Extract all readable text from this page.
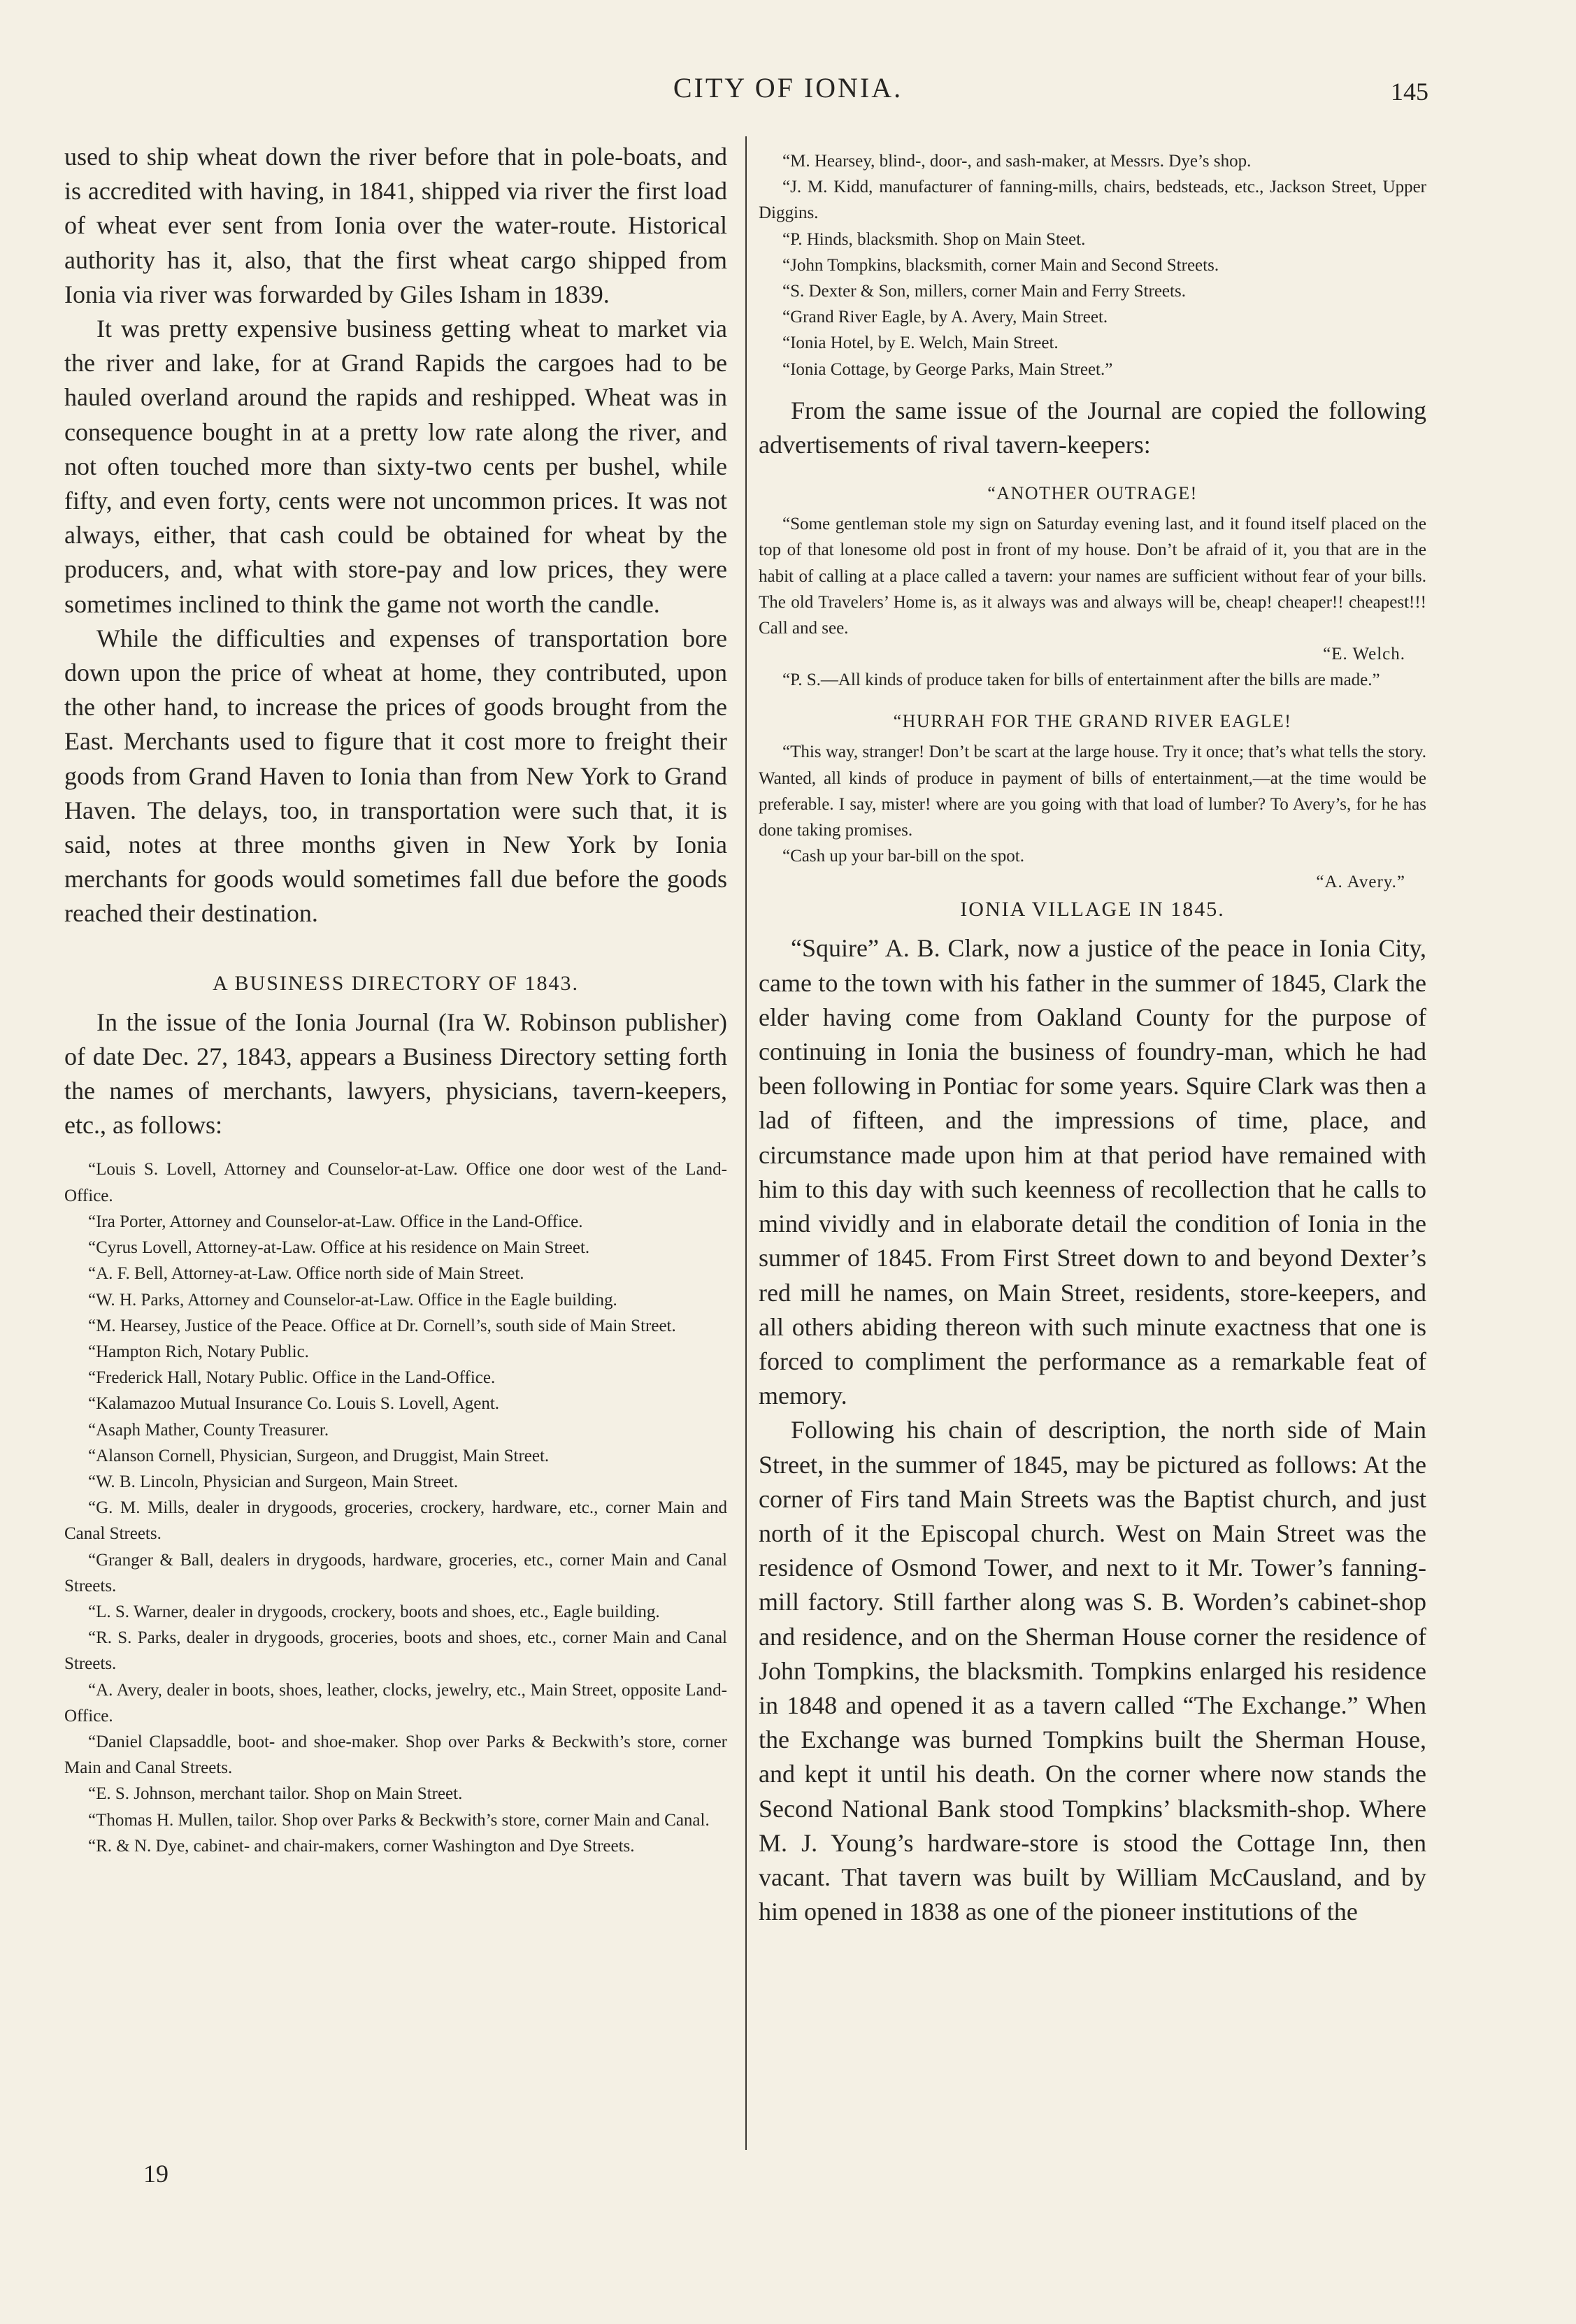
CITY OF IONIA.	145

used to ship wheat down the river before that in pole-boats, and is accredited with having, in 1841, shipped via river the first load of wheat ever sent from Ionia over the water-route. Historical authority has it, also, that the first wheat cargo shipped from Ionia via river was forwarded by Giles Isham in 1839.

It was pretty expensive business getting wheat to market via the river and lake, for at Grand Rapids the cargoes had to be hauled overland around the rapids and reshipped. Wheat was in consequence bought in at a pretty low rate along the river, and not often touched more than sixty-two cents per bushel, while fifty, and even forty, cents were not uncommon prices. It was not always, either, that cash could be obtained for wheat by the producers, and, what with store-pay and low prices, they were sometimes inclined to think the game not worth the candle.

While the difficulties and expenses of transportation bore down upon the price of wheat at home, they contributed, upon the other hand, to increase the prices of goods brought from the East. Merchants used to figure that it cost more to freight their goods from Grand Haven to Ionia than from New York to Grand Haven. The delays, too, in transportation were such that, it is said, notes at three months given in New York by Ionia merchants for goods would sometimes fall due before the goods reached their destination.

A BUSINESS DIRECTORY OF 1843.

In the issue of the Ionia Journal (Ira W. Robinson publisher) of date Dec. 27, 1843, appears a Business Directory setting forth the names of merchants, lawyers, physicians, tavern-keepers, etc., as follows:

“Louis S. Lovell, Attorney and Counselor-at-Law. Office one door west of the Land-Office.

“Ira Porter, Attorney and Counselor-at-Law. Office in the Land-Office.

“Cyrus Lovell, Attorney-at-Law. Office at his residence on Main Street.

“A. F. Bell, Attorney-at-Law. Office north side of Main Street.

“W. H. Parks, Attorney and Counselor-at-Law. Office in the Eagle building.

“M. Hearsey, Justice of the Peace. Office at Dr. Cornell’s, south side of Main Street.

“Hampton Rich, Notary Public.

“Frederick Hall, Notary Public. Office in the Land-Office.

“Kalamazoo Mutual Insurance Co. Louis S. Lovell, Agent.

“Asaph Mather, County Treasurer.

“Alanson Cornell, Physician, Surgeon, and Druggist, Main Street.

“W. B. Lincoln, Physician and Surgeon, Main Street.

“G. M. Mills, dealer in drygoods, groceries, crockery, hardware, etc., corner Main and Canal Streets.

“Granger & Ball, dealers in drygoods, hardware, groceries, etc., corner Main and Canal Streets.

“L. S. Warner, dealer in drygoods, crockery, boots and shoes, etc., Eagle building.

“R. S. Parks, dealer in drygoods, groceries, boots and shoes, etc., corner Main and Canal Streets.

“A. Avery, dealer in boots, shoes, leather, clocks, jewelry, etc., Main Street, opposite Land-Office.

“Daniel Clapsaddle, boot- and shoe-maker. Shop over Parks & Beckwith’s store, corner Main and Canal Streets.

“E. S. Johnson, merchant tailor. Shop on Main Street.

“Thomas H. Mullen, tailor. Shop over Parks & Beckwith’s store, corner Main and Canal.

“R. & N. Dye, cabinet- and chair-makers, corner Washington and Dye Streets.

19

“M. Hearsey, blind-, door-, and sash-maker, at Messrs. Dye’s shop.

“J. M. Kidd, manufacturer of fanning-mills, chairs, bedsteads, etc., Jackson Street, Upper Diggins.

“P. Hinds, blacksmith. Shop on Main Steet.

“John Tompkins, blacksmith, corner Main and Second Streets.

“S. Dexter & Son, millers, corner Main and Ferry Streets.

“Grand River Eagle, by A. Avery, Main Street.

“Ionia Hotel, by E. Welch, Main Street.

“Ionia Cottage, by George Parks, Main Street.”

From the same issue of the Journal are copied the following advertisements of rival tavern-keepers:

“ANOTHER OUTRAGE!

“Some gentleman stole my sign on Saturday evening last, and it found itself placed on the top of that lonesome old post in front of my house. Don’t be afraid of it, you that are in the habit of calling at a place called a tavern: your names are sufficient without fear of your bills. The old Travelers’ Home is, as it always was and always will be, cheap! cheaper!! cheapest!!! Call and see.

“E. Welch.

“P. S.—All kinds of produce taken for bills of entertainment after the bills are made.”

“HURRAH FOR THE GRAND RIVER EAGLE!

“This way, stranger! Don’t be scart at the large house. Try it once; that’s what tells the story. Wanted, all kinds of produce in payment of bills of entertainment,—at the time would be preferable. I say, mister! where are you going with that load of lumber? To Avery’s, for he has done taking promises.

“Cash up your bar-bill on the spot.

“A. Avery.”

IONIA VILLAGE IN 1845.

“Squire” A. B. Clark, now a justice of the peace in Ionia City, came to the town with his father in the summer of 1845, Clark the elder having come from Oakland County for the purpose of continuing in Ionia the business of foundry-man, which he had been following in Pontiac for some years. Squire Clark was then a lad of fifteen, and the impressions of time, place, and circumstance made upon him at that period have remained with him to this day with such keenness of recollection that he calls to mind vividly and in elaborate detail the condition of Ionia in the summer of 1845. From First Street down to and beyond Dexter’s red mill he names, on Main Street, residents, store-keepers, and all others abiding thereon with such minute exactness that one is forced to compliment the performance as a remarkable feat of memory.

Following his chain of description, the north side of Main Street, in the summer of 1845, may be pictured as follows: At the corner of Firs tand Main Streets was the Baptist church, and just north of it the Episcopal church. West on Main Street was the residence of Osmond Tower, and next to it Mr. Tower’s fanning-mill factory. Still farther along was S. B. Worden’s cabinet-shop and residence, and on the Sherman House corner the residence of John Tompkins, the blacksmith. Tompkins enlarged his residence in 1848 and opened it as a tavern called “The Exchange.” When the Exchange was burned Tompkins built the Sherman House, and kept it until his death. On the corner where now stands the Second National Bank stood Tompkins’ blacksmith-shop. Where M. J. Young’s hardware-store is stood the Cottage Inn, then vacant. That tavern was built by William McCausland, and by him opened in 1838 as one of the pioneer institutions of the
